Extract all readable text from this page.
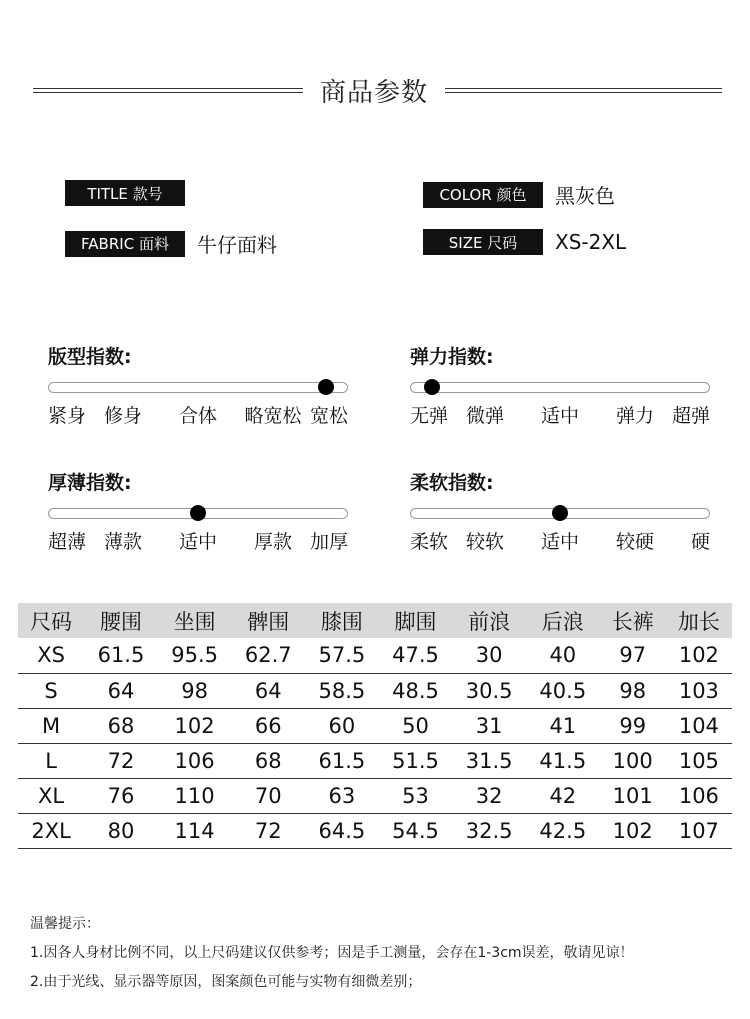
商品参数
TITLE 款号	COLOR 颜色	黑灰色
FABRIC 面料	牛仔面料	SIZE 尺码	XS-2XL
版型指数:
紧身 修身 合体 略宽松 宽松
弹力指数:
无弹 微弹 适中 弹力 超弹
厚薄指数:
超薄 薄款 适中 厚款 加厚
柔软指数:
柔软 较软 适中 较硬 硬
尺码	腰围	坐围	髀围	膝围	脚围	前浪	后浪	长裤	加长
XS	61.5	95.5	62.7	57.5	47.5	30	40	97	102
S	64	98	64	58.5	48.5	30.5	40.5	98	103
M	68	102	66	60	50	31	41	99	104
L	72	106	68	61.5	51.5	31.5	41.5	100	105
XL	76	110	70	63	53	32	42	101	106
2XL	80	114	72	64.5	54.5	32.5	42.5	102	107
温馨提示：
1.因各人身材比例不同，以上尺码建议仅供参考；因是手工测量，会存在1-3cm误差，敬请见谅！
2.由于光线、显示器等原因，图案颜色可能与实物有细微差别；
